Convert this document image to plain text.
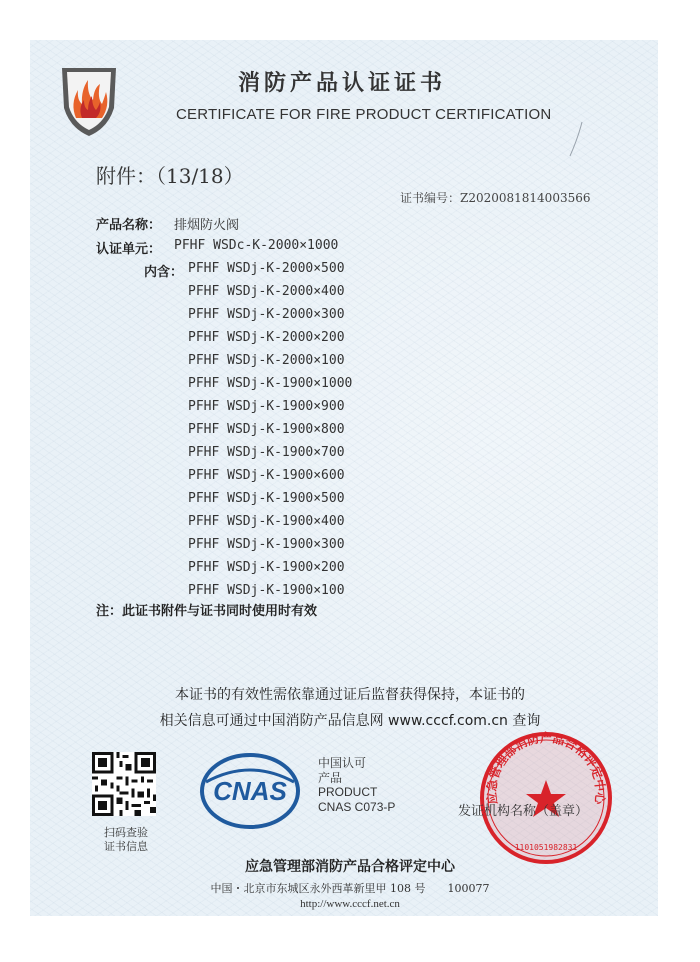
消防产品认证证书
CERTIFICATE FOR FIRE PRODUCT CERTIFICATION
附件：（13/18）
证书编号：Z2020081814003566
产品名称： 排烟防火阀
认证单元： PFHF WSDc-K-2000×1000
内含： PFHF WSDj-K-2000×500
PFHF WSDj-K-2000×400
PFHF WSDj-K-2000×300
PFHF WSDj-K-2000×200
PFHF WSDj-K-2000×100
PFHF WSDj-K-1900×1000
PFHF WSDj-K-1900×900
PFHF WSDj-K-1900×800
PFHF WSDj-K-1900×700
PFHF WSDj-K-1900×600
PFHF WSDj-K-1900×500
PFHF WSDj-K-1900×400
PFHF WSDj-K-1900×300
PFHF WSDj-K-1900×200
PFHF WSDj-K-1900×100
注：此证书附件与证书同时使用时有效
本证书的有效性需依靠通过证后监督获得保持，本证书的
相关信息可通过中国消防产品信息网 www.cccf.com.cn 查询
扫码查验
证书信息
CNAS
中国认可
产品
PRODUCT
CNAS C073-P
应急管理部消防产品合格评定中心
1101051982831
发证机构名称（盖章）
应急管理部消防产品合格评定中心
中国・北京市东城区永外西革新里甲 108 号　　100077
http://www.cccf.net.cn
